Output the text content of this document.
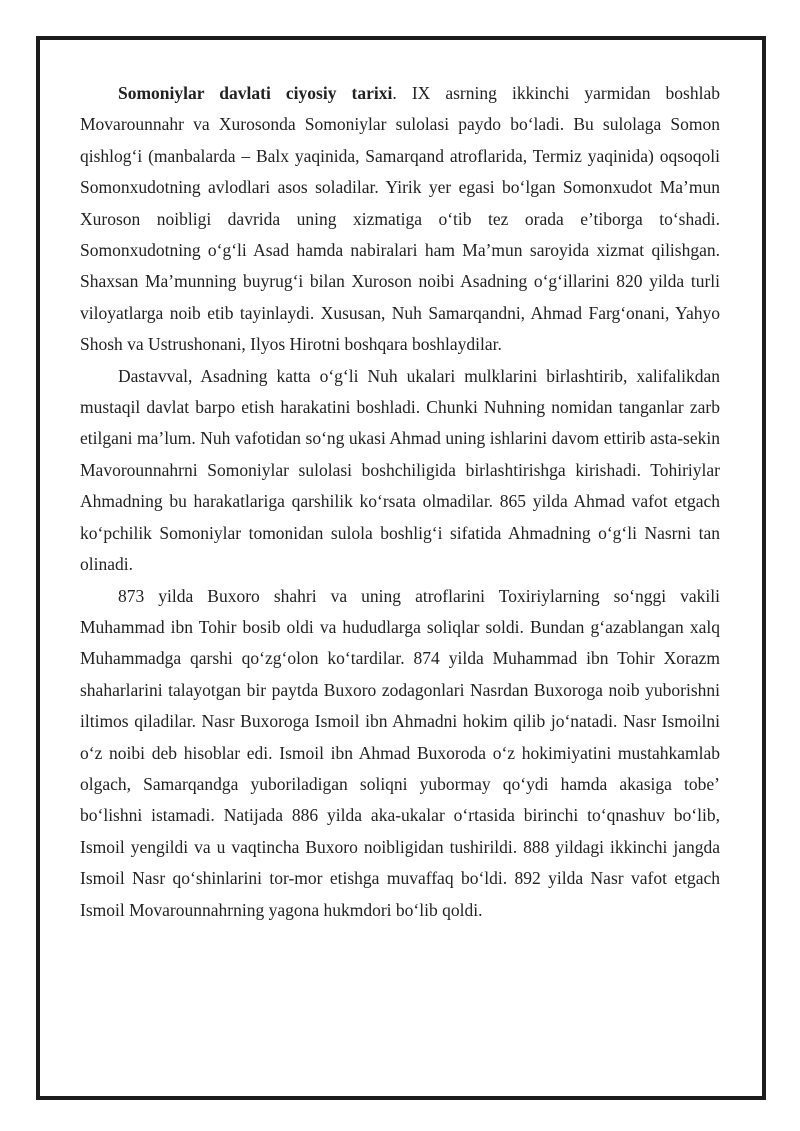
Somoniylar davlati ciyosiy tarixi. IX asrning ikkinchi yarmidan boshlab Movarounnahr va Xurosonda Somoniylar sulolasi paydo bo‘ladi. Bu sulolaga Somon qishlog‘i (manbalarda – Balx yaqinida, Samarqand atroflarida, Termiz yaqinida) oqsoqoli Somonxudotning avlodlari asos soladilar. Yirik yer egasi bo‘lgan Somonxudot Ma’mun Xuroson noibligi davrida uning xizmatiga o‘tib tez orada e’tiborga to‘shadi. Somonxudotning o‘g‘li Asad hamda nabiralari ham Ma’mun saroyida xizmat qilishgan. Shaxsan Ma’munning buyrug‘i bilan Xuroson noibi Asadning o‘g‘illarini 820 yilda turli viloyatlarga noib etib tayinlaydi. Xususan, Nuh Samarqandni, Ahmad Farg‘onani, Yahyo Shosh va Ustrushonani, Ilyos Hirotni boshqara boshlaydilar.

Dastavval, Asadning katta o‘g‘li Nuh ukalari mulklarini birlashtirib, xalifalikdan mustaqil davlat barpo etish harakatini boshladi. Chunki Nuhning nomidan tanganlar zarb etilgani ma’lum. Nuh vafotidan so‘ng ukasi Ahmad uning ishlarini davom ettirib asta-sekin Mavorounnahrni Somoniylar sulolasi boshchiligida birlashtirishga kirishadi. Tohiriylar Ahmadning bu harakatlariga qarshilik ko‘rsata olmadilar. 865 yilda Ahmad vafot etgach ko‘pchilik Somoniylar tomonidan sulola boshlig‘i sifatida Ahmadning o‘g‘li Nasrni tan olinadi.

873 yilda Buxoro shahri va uning atroflarini Toxiriylarning so‘nggi vakili Muhammad ibn Tohir bosib oldi va hududlarga soliqlar soldi. Bundan g‘azablangan xalq Muhammadga qarshi qo‘zg‘olon ko‘tardilar. 874 yilda Muhammad ibn Tohir Xorazm shaharlarini talayotgan bir paytda Buxoro zodagonlari Nasrdan Buxoroga noib yuborishni iltimos qiladilar. Nasr Buxoroga Ismoil ibn Ahmadni hokim qilib jo‘natadi. Nasr Ismoilni o‘z noibi deb hisoblar edi. Ismoil ibn Ahmad Buxoroda o‘z hokimiyatini mustahkamlab olgach, Samarqandga yuboriladigan soliqni yubormay qo‘ydi hamda akasiga tobe’ bo‘lishni istamadi. Natijada 886 yilda aka-ukalar o‘rtasida birinchi to‘qnashuv bo‘lib, Ismoil yengildi va u vaqtincha Buxoro noibligidan tushirildi. 888 yildagi ikkinchi jangda Ismoil Nasr qo‘shinlarini tor-mor etishga muvaffaq bo‘ldi. 892 yilda Nasr vafot etgach Ismoil Movarounnahrning yagona hukmdori bo‘lib qoldi.
